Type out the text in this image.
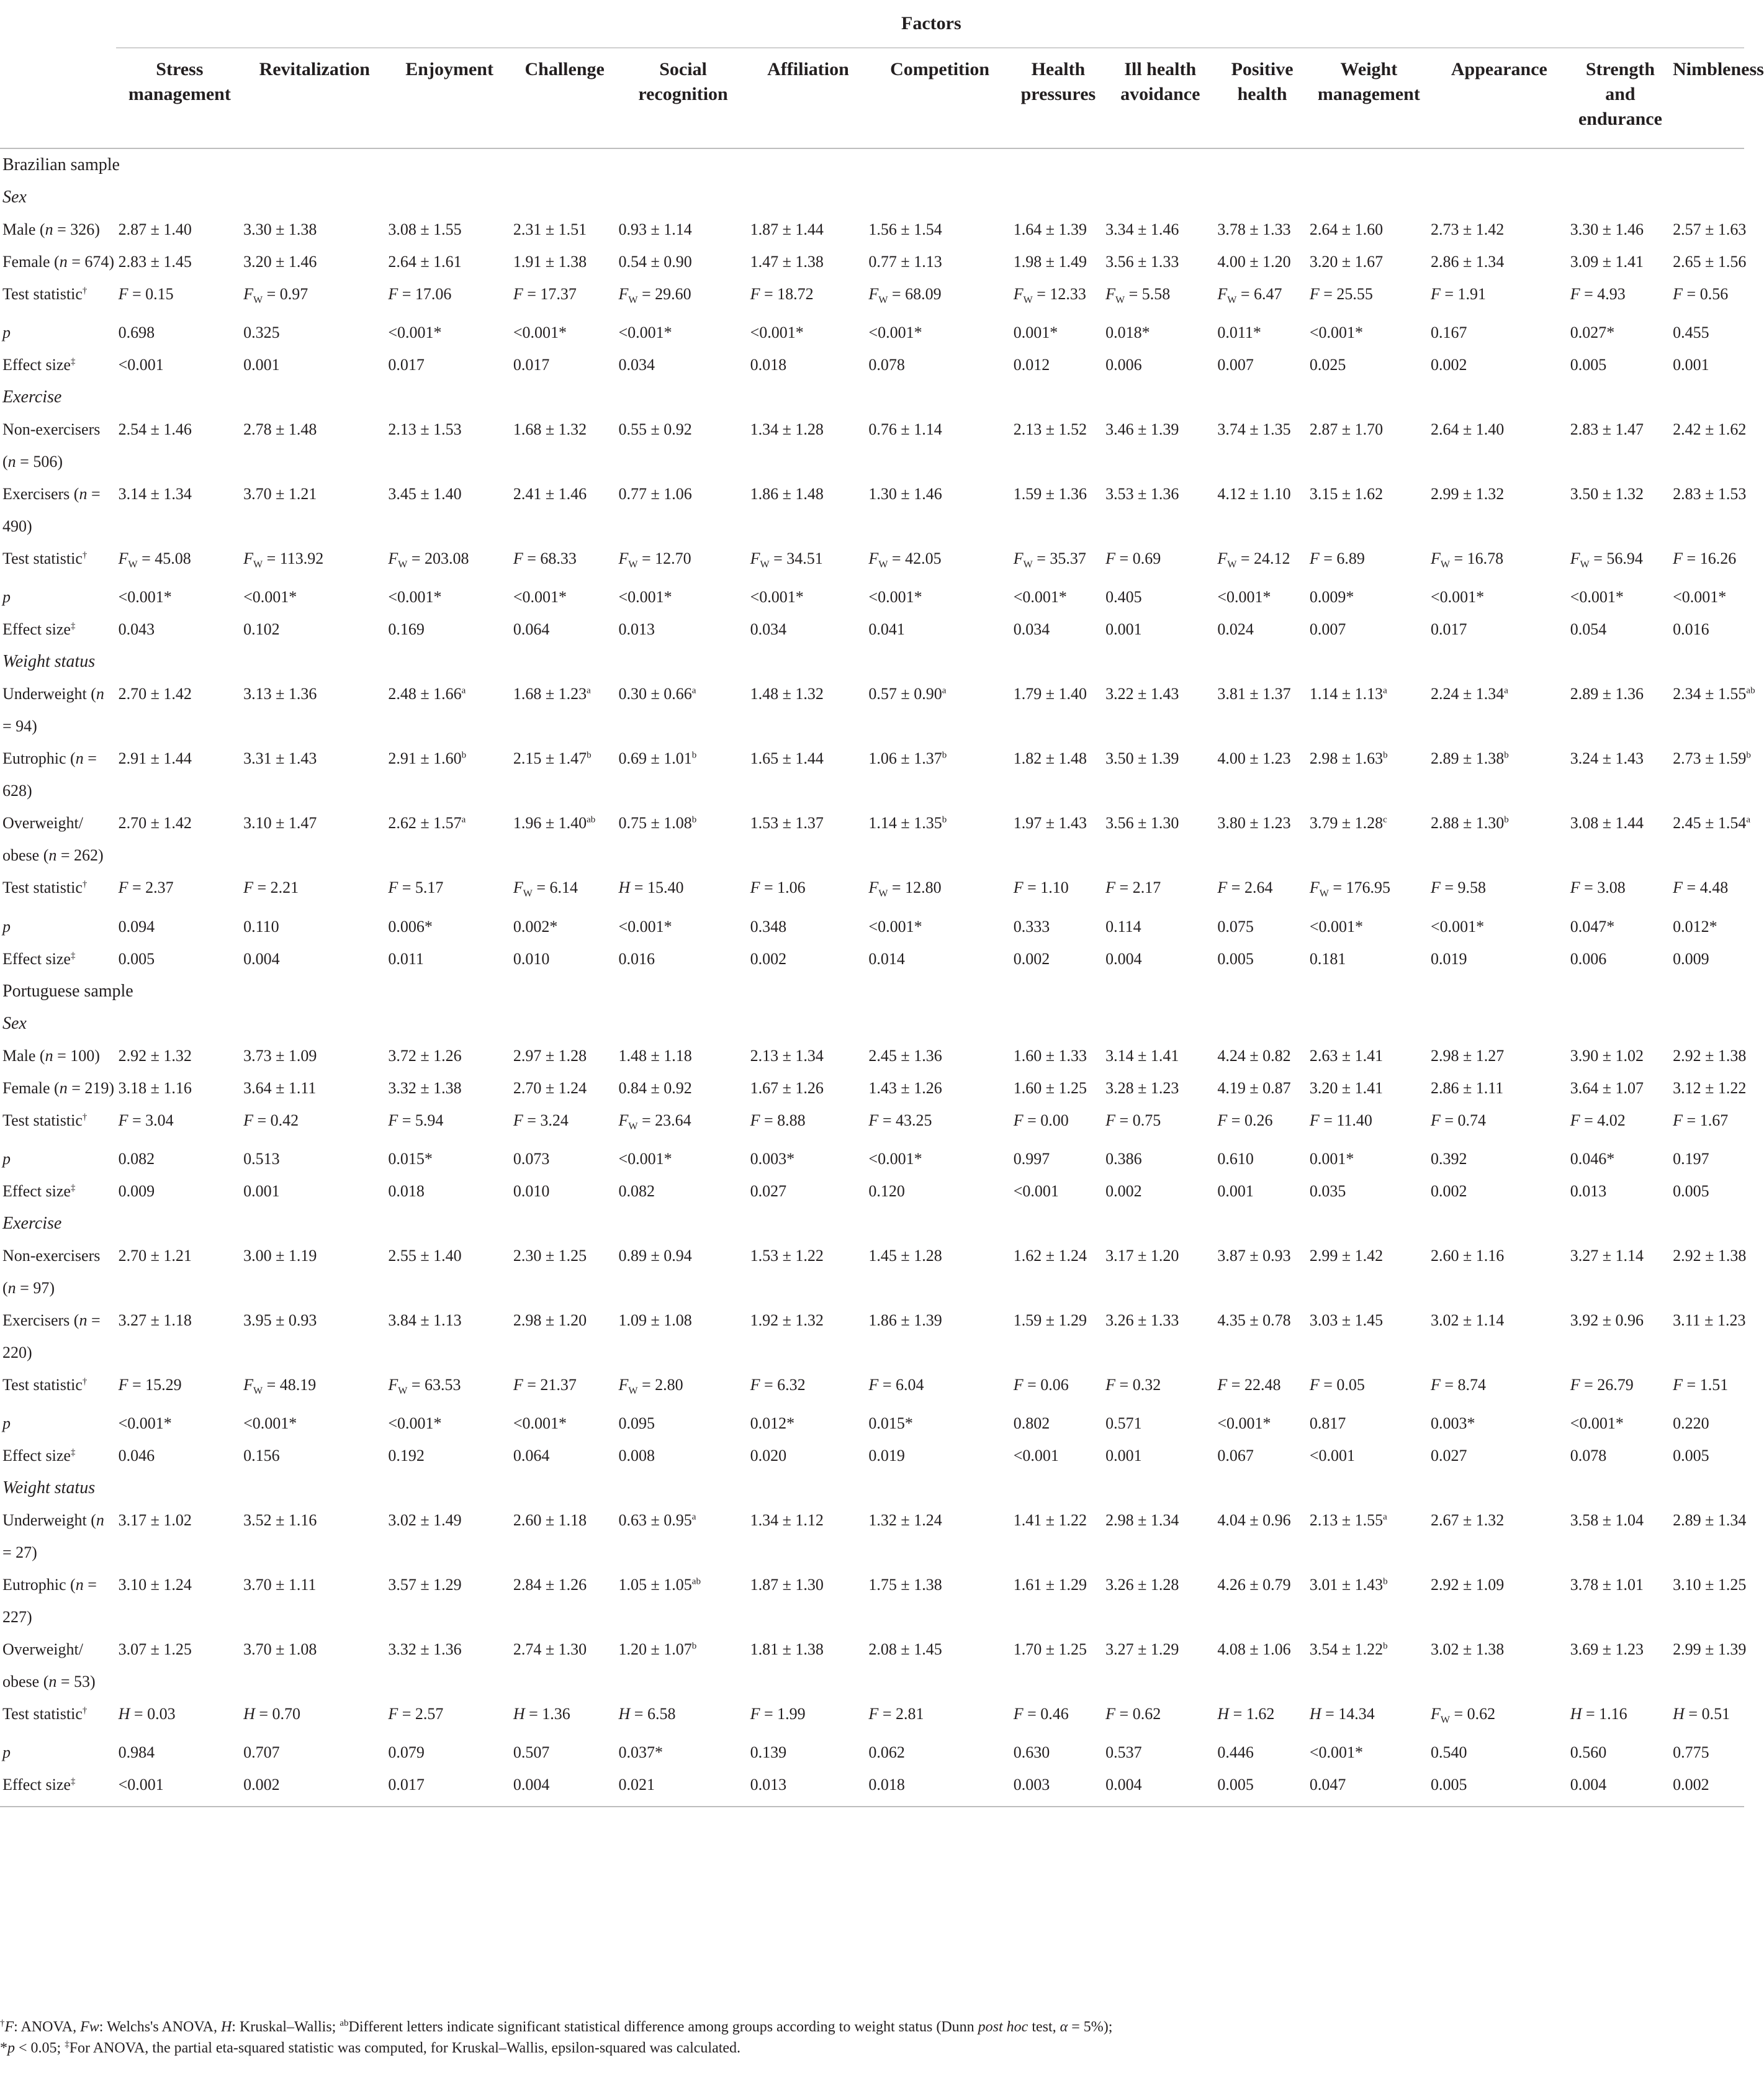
	Factors													
	Stress management	Revitalization	Enjoyment	Challenge	Social recognition	Affiliation	Competition	Health pressures	Ill health avoidance	Positive health	Weight management	Appearance	Strength and endurance	Nimbleness
Brazilian sample														
Sex														
Male (n = 326)	2.87 ± 1.40	3.30 ± 1.38	3.08 ± 1.55	2.31 ± 1.51	0.93 ± 1.14	1.87 ± 1.44	1.56 ± 1.54	1.64 ± 1.39	3.34 ± 1.46	3.78 ± 1.33	2.64 ± 1.60	2.73 ± 1.42	3.30 ± 1.46	2.57 ± 1.63
Female (n = 674)	2.83 ± 1.45	3.20 ± 1.46	2.64 ± 1.61	1.91 ± 1.38	0.54 ± 0.90	1.47 ± 1.38	0.77 ± 1.13	1.98 ± 1.49	3.56 ± 1.33	4.00 ± 1.20	3.20 ± 1.67	2.86 ± 1.34	3.09 ± 1.41	2.65 ± 1.56
Test statistic†	F = 0.15	$F_W = 0.97$	F = 17.06	F = 17.37	$F_W = 29.60$	F = 18.72	$F_W = 68.09$	$F_W = 12.33$	$F_W = 5.58$	$F_W = 6.47$	F = 25.55	F = 1.91	F = 4.93	F = 0.56
p	0.698	0.325	<0.001*	<0.001*	<0.001*	<0.001*	<0.001*	0.001*	0.018*	0.011*	<0.001*	0.167	0.027*	0.455
Effect size‡	<0.001	0.001	0.017	0.017	0.034	0.018	0.078	0.012	0.006	0.007	0.025	0.002	0.005	0.001
Exercise														
Non-exercisers (n = 506)	2.54 ± 1.46	2.78 ± 1.48	2.13 ± 1.53	1.68 ± 1.32	0.55 ± 0.92	1.34 ± 1.28	0.76 ± 1.14	2.13 ± 1.52	3.46 ± 1.39	3.74 ± 1.35	2.87 ± 1.70	2.64 ± 1.40	2.83 ± 1.47	2.42 ± 1.62
Exercisers (n = 490)	3.14 ± 1.34	3.70 ± 1.21	3.45 ± 1.40	2.41 ± 1.46	0.77 ± 1.06	1.86 ± 1.48	1.30 ± 1.46	1.59 ± 1.36	3.53 ± 1.36	4.12 ± 1.10	3.15 ± 1.62	2.99 ± 1.32	3.50 ± 1.32	2.83 ± 1.53
Test statistic†	$F_W = 45.08$	$F_W = 113.92$	$F_W = 203.08$	F = 68.33	$F_W = 12.70$	$F_W = 34.51$	$F_W = 42.05$	$F_W = 35.37$	F = 0.69	$F_W = 24.12$	F = 6.89	$F_W = 16.78$	$F_W = 56.94$	F = 16.26
p	<0.001*	<0.001*	<0.001*	<0.001*	<0.001*	<0.001*	<0.001*	<0.001*	0.405	<0.001*	0.009*	<0.001*	<0.001*	<0.001*
Effect size‡	0.043	0.102	0.169	0.064	0.013	0.034	0.041	0.034	0.001	0.024	0.007	0.017	0.054	0.016
Weight status														
Underweight (n = 94)	2.70 ± 1.42	3.13 ± 1.36	2.48 ± 1.66$^a$	1.68 ± 1.23$^a$	0.30 ± 0.66$^a$	1.48 ± 1.32	0.57 ± 0.90$^a$	1.79 ± 1.40	3.22 ± 1.43	3.81 ± 1.37	1.14 ± 1.13$^a$	2.24 ± 1.34$^a$	2.89 ± 1.36	2.34 ± 1.55$^{ab}$
Eutrophic (n = 628)	2.91 ± 1.44	3.31 ± 1.43	2.91 ± 1.60$^b$	2.15 ± 1.47$^b$	0.69 ± 1.01$^b$	1.65 ± 1.44	1.06 ± 1.37$^b$	1.82 ± 1.48	3.50 ± 1.39	4.00 ± 1.23	2.98 ± 1.63$^b$	2.89 ± 1.38$^b$	3.24 ± 1.43	2.73 ± 1.59$^b$
Overweight/ obese (n = 262)	2.70 ± 1.42	3.10 ± 1.47	2.62 ± 1.57$^a$	1.96 ± 1.40$^{ab}$	0.75 ± 1.08$^b$	1.53 ± 1.37	1.14 ± 1.35$^b$	1.97 ± 1.43	3.56 ± 1.30	3.80 ± 1.23	3.79 ± 1.28$^c$	2.88 ± 1.30$^b$	3.08 ± 1.44	2.45 ± 1.54$^a$
Test statistic†	F = 2.37	F = 2.21	F = 5.17	$F_W = 6.14$	H = 15.40	F = 1.06	$F_W = 12.80$	F = 1.10	F = 2.17	F = 2.64	$F_W = 176.95$	F = 9.58	F = 3.08	F = 4.48
p	0.094	0.110	0.006*	0.002*	<0.001*	0.348	<0.001*	0.333	0.114	0.075	<0.001*	<0.001*	0.047*	0.012*
Effect size‡	0.005	0.004	0.011	0.010	0.016	0.002	0.014	0.002	0.004	0.005	0.181	0.019	0.006	0.009
Portuguese sample														
Sex														
Male (n = 100)	2.92 ± 1.32	3.73 ± 1.09	3.72 ± 1.26	2.97 ± 1.28	1.48 ± 1.18	2.13 ± 1.34	2.45 ± 1.36	1.60 ± 1.33	3.14 ± 1.41	4.24 ± 0.82	2.63 ± 1.41	2.98 ± 1.27	3.90 ± 1.02	2.92 ± 1.38
Female (n = 219)	3.18 ± 1.16	3.64 ± 1.11	3.32 ± 1.38	2.70 ± 1.24	0.84 ± 0.92	1.67 ± 1.26	1.43 ± 1.26	1.60 ± 1.25	3.28 ± 1.23	4.19 ± 0.87	3.20 ± 1.41	2.86 ± 1.11	3.64 ± 1.07	3.12 ± 1.22
Test statistic†	F = 3.04	F = 0.42	F = 5.94	F = 3.24	$F_W = 23.64$	F = 8.88	F = 43.25	F = 0.00	F = 0.75	F = 0.26	F = 11.40	F = 0.74	F = 4.02	F = 1.67
p	0.082	0.513	0.015*	0.073	<0.001*	0.003*	<0.001*	0.997	0.386	0.610	0.001*	0.392	0.046*	0.197
Effect size‡	0.009	0.001	0.018	0.010	0.082	0.027	0.120	<0.001	0.002	0.001	0.035	0.002	0.013	0.005
Exercise														
Non-exercisers (n = 97)	2.70 ± 1.21	3.00 ± 1.19	2.55 ± 1.40	2.30 ± 1.25	0.89 ± 0.94	1.53 ± 1.22	1.45 ± 1.28	1.62 ± 1.24	3.17 ± 1.20	3.87 ± 0.93	2.99 ± 1.42	2.60 ± 1.16	3.27 ± 1.14	2.92 ± 1.38
Exercisers (n = 220)	3.27 ± 1.18	3.95 ± 0.93	3.84 ± 1.13	2.98 ± 1.20	1.09 ± 1.08	1.92 ± 1.32	1.86 ± 1.39	1.59 ± 1.29	3.26 ± 1.33	4.35 ± 0.78	3.03 ± 1.45	3.02 ± 1.14	3.92 ± 0.96	3.11 ± 1.23
Test statistic†	F = 15.29	$F_W = 48.19$	$F_W = 63.53$	F = 21.37	$F_W = 2.80$	F = 6.32	F = 6.04	F = 0.06	F = 0.32	F = 22.48	F = 0.05	F = 8.74	F = 26.79	F = 1.51
p	<0.001*	<0.001*	<0.001*	<0.001*	0.095	0.012*	0.015*	0.802	0.571	<0.001*	0.817	0.003*	<0.001*	0.220
Effect size‡	0.046	0.156	0.192	0.064	0.008	0.020	0.019	<0.001	0.001	0.067	<0.001	0.027	0.078	0.005
Weight status														
Underweight (n = 27)	3.17 ± 1.02	3.52 ± 1.16	3.02 ± 1.49	2.60 ± 1.18	0.63 ± 0.95$^a$	1.34 ± 1.12	1.32 ± 1.24	1.41 ± 1.22	2.98 ± 1.34	4.04 ± 0.96	2.13 ± 1.55$^a$	2.67 ± 1.32	3.58 ± 1.04	2.89 ± 1.34
Eutrophic (n = 227)	3.10 ± 1.24	3.70 ± 1.11	3.57 ± 1.29	2.84 ± 1.26	1.05 ± 1.05$^{ab}$	1.87 ± 1.30	1.75 ± 1.38	1.61 ± 1.29	3.26 ± 1.28	4.26 ± 0.79	3.01 ± 1.43$^b$	2.92 ± 1.09	3.78 ± 1.01	3.10 ± 1.25
Overweight/ obese (n = 53)	3.07 ± 1.25	3.70 ± 1.08	3.32 ± 1.36	2.74 ± 1.30	1.20 ± 1.07$^b$	1.81 ± 1.38	2.08 ± 1.45	1.70 ± 1.25	3.27 ± 1.29	4.08 ± 1.06	3.54 ± 1.22$^b$	3.02 ± 1.38	3.69 ± 1.23	2.99 ± 1.39
Test statistic†	H = 0.03	H = 0.70	F = 2.57	H = 1.36	H = 6.58	F = 1.99	F = 2.81	F = 0.46	F = 0.62	H = 1.62	H = 14.34	$F_W = 0.62$	H = 1.16	H = 0.51
p	0.984	0.707	0.079	0.507	0.037*	0.139	0.062	0.630	0.537	0.446	<0.001*	0.540	0.560	0.775
Effect size‡	<0.001	0.002	0.017	0.004	0.021	0.013	0.018	0.003	0.004	0.005	0.047	0.005	0.004	0.002

†F: ANOVA, Fw: Welchs's ANOVA, H: Kruskal–Wallis; $^{ab}$Different letters indicate significant statistical difference among groups according to weight status (Dunn post hoc test, α = 5%);

*p < 0.05; ‡For ANOVA, the partial eta-squared statistic was computed, for Kruskal–Wallis, epsilon-squared was calculated.
